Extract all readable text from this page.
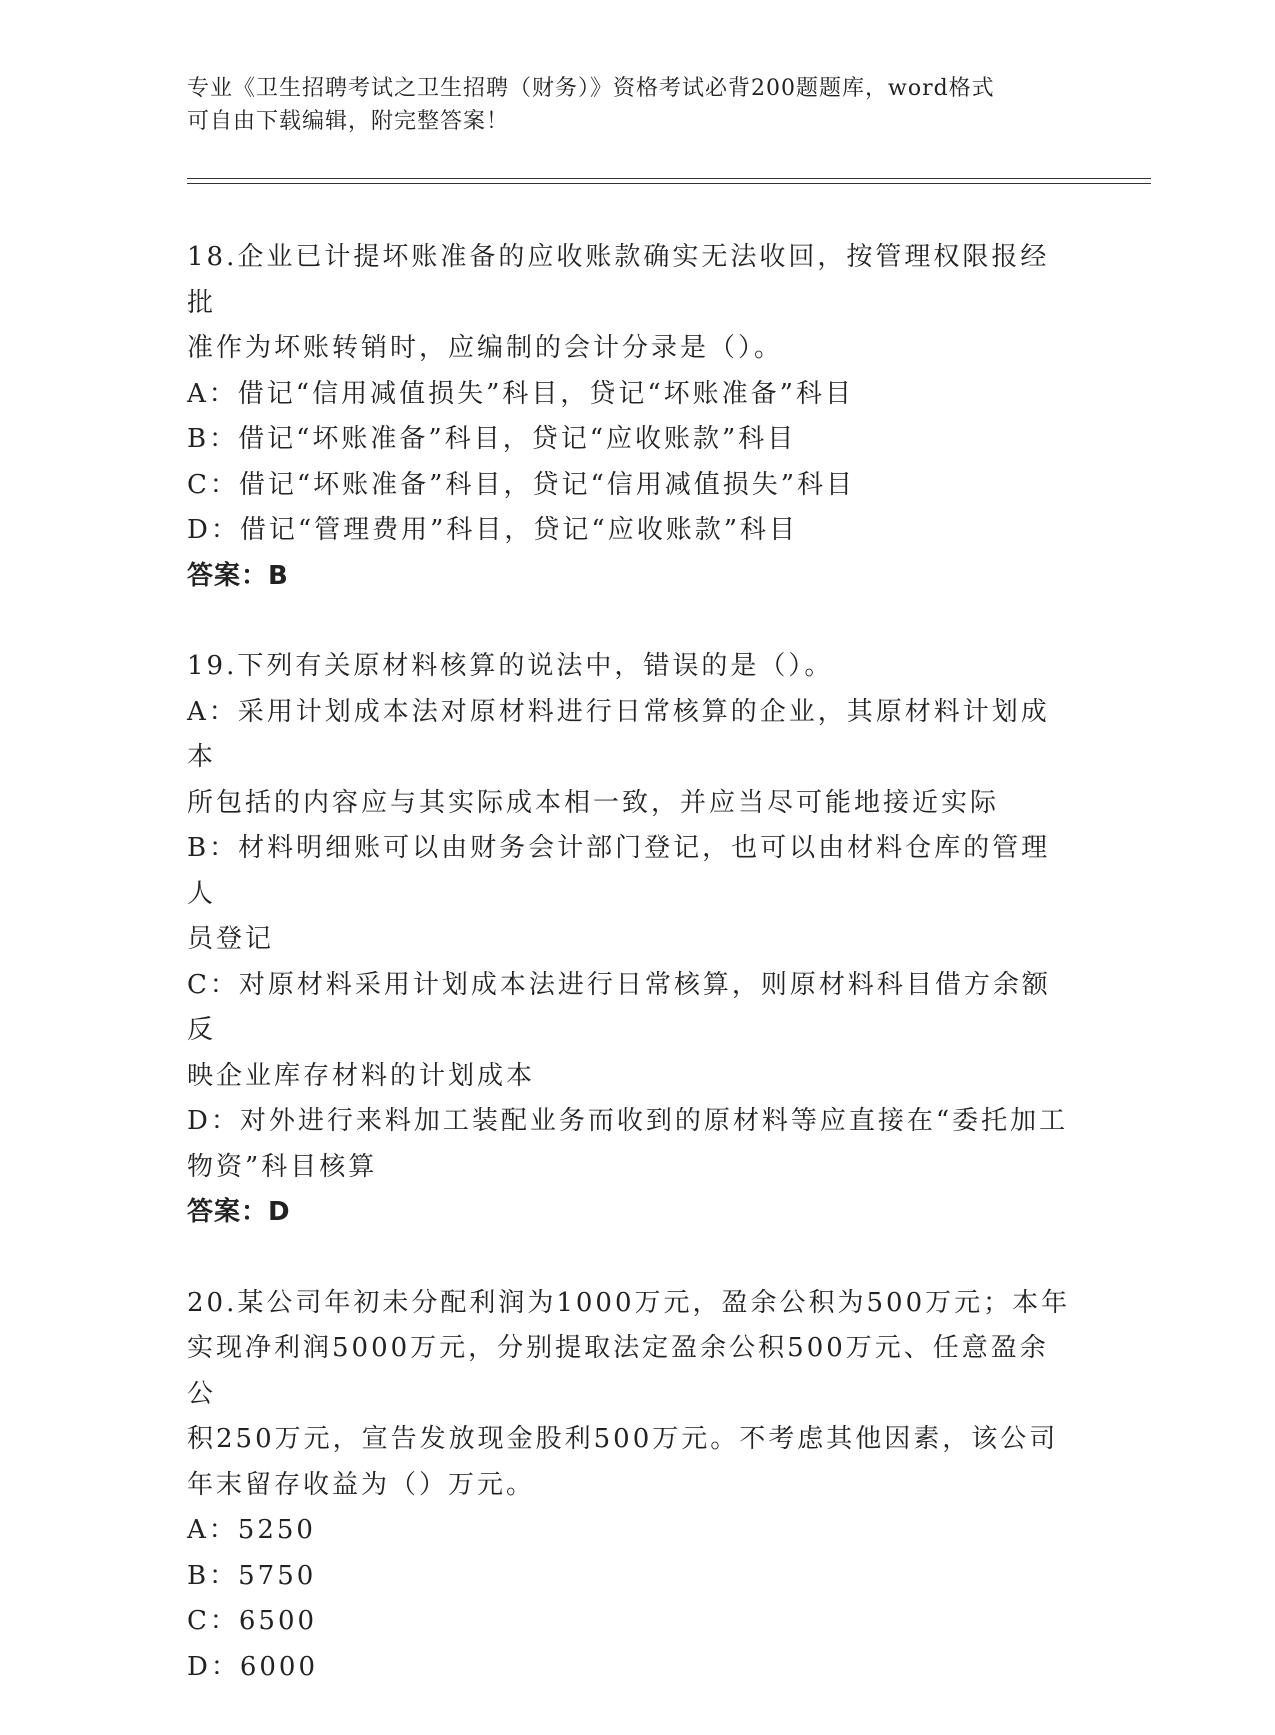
专业《卫生招聘考试之卫生招聘（财务）》资格考试必背200题题库，word格式
可自由下载编辑，附完整答案！
18.企业已计提坏账准备的应收账款确实无法收回，按管理权限报经批
准作为坏账转销时，应编制的会计分录是（）。
A：借记“信用减值损失”科目，贷记“坏账准备”科目
B：借记“坏账准备”科目，贷记“应收账款”科目
C：借记“坏账准备”科目，贷记“信用减值损失”科目
D：借记“管理费用”科目，贷记“应收账款”科目
答案：B
19.下列有关原材料核算的说法中，错误的是（）。
A：采用计划成本法对原材料进行日常核算的企业，其原材料计划成本
所包括的内容应与其实际成本相一致，并应当尽可能地接近实际
B：材料明细账可以由财务会计部门登记，也可以由材料仓库的管理人
员登记
C：对原材料采用计划成本法进行日常核算，则原材料科目借方余额反
映企业库存材料的计划成本
D：对外进行来料加工装配业务而收到的原材料等应直接在“委托加工
物资”科目核算
答案：D
20.某公司年初未分配利润为1000万元，盈余公积为500万元；本年
实现净利润5000万元，分别提取法定盈余公积500万元、任意盈余公
积250万元，宣告发放现金股利500万元。不考虑其他因素，该公司
年末留存收益为（）万元。
A：5250
B：5750
C：6500
D：6000
